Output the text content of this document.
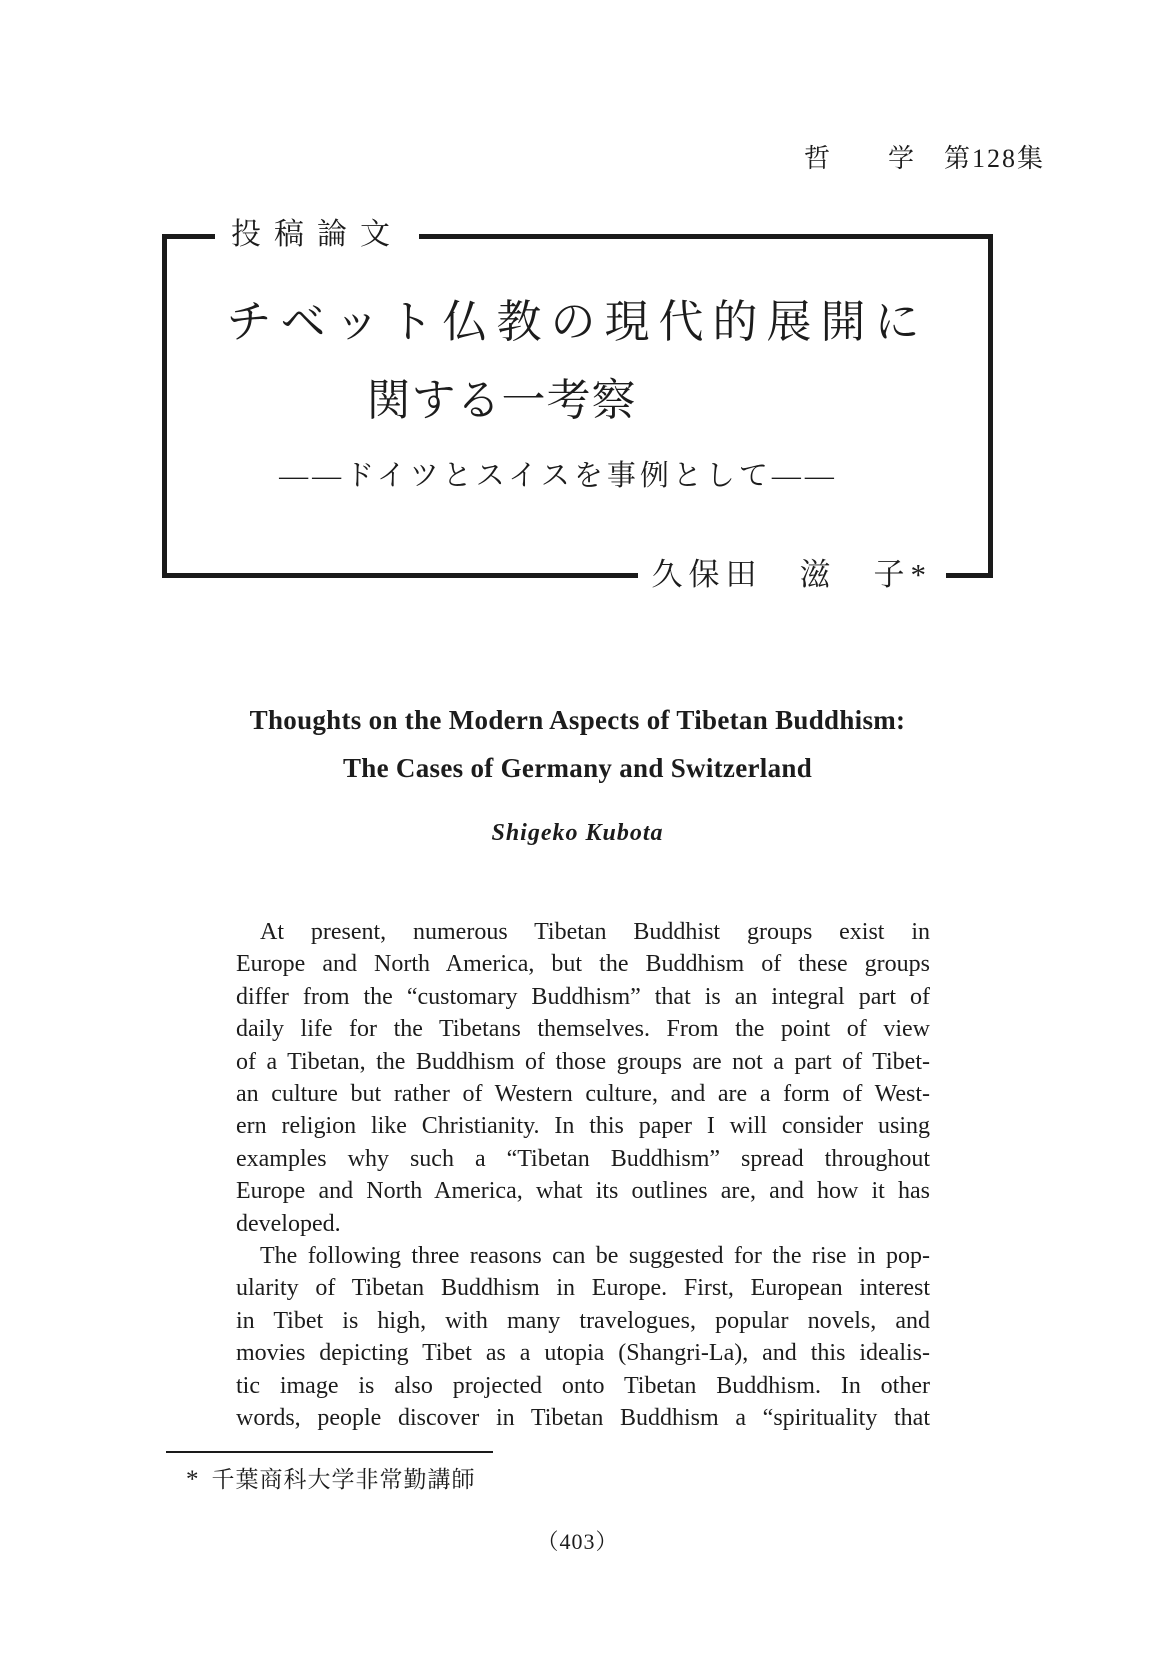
哲　　学　第128集
投稿論文
チベット仏教の現代的展開に
関する一考察
——ドイツとスイスを事例として——
久保田　滋　子*
Thoughts on the Modern Aspects of Tibetan Buddhism:
The Cases of Germany and Switzerland
Shigeko Kubota
At present, numerous Tibetan Buddhist groups exist in
Europe and North America, but the Buddhism of these groups
differ from the “customary Buddhism” that is an integral part of
daily life for the Tibetans themselves. From the point of view
of a Tibetan, the Buddhism of those groups are not a part of Tibet-
an culture but rather of Western culture, and are a form of West-
ern religion like Christianity. In this paper I will consider using
examples why such a “Tibetan Buddhism” spread throughout
Europe and North America, what its outlines are, and how it has
developed.
The following three reasons can be suggested for the rise in pop-
ularity of Tibetan Buddhism in Europe. First, European interest
in Tibet is high, with many travelogues, popular novels, and
movies depicting Tibet as a utopia (Shangri-La), and this idealis-
tic image is also projected onto Tibetan Buddhism. In other
words, people discover in Tibetan Buddhism a “spirituality that
* 千葉商科大学非常勤講師
（403）
